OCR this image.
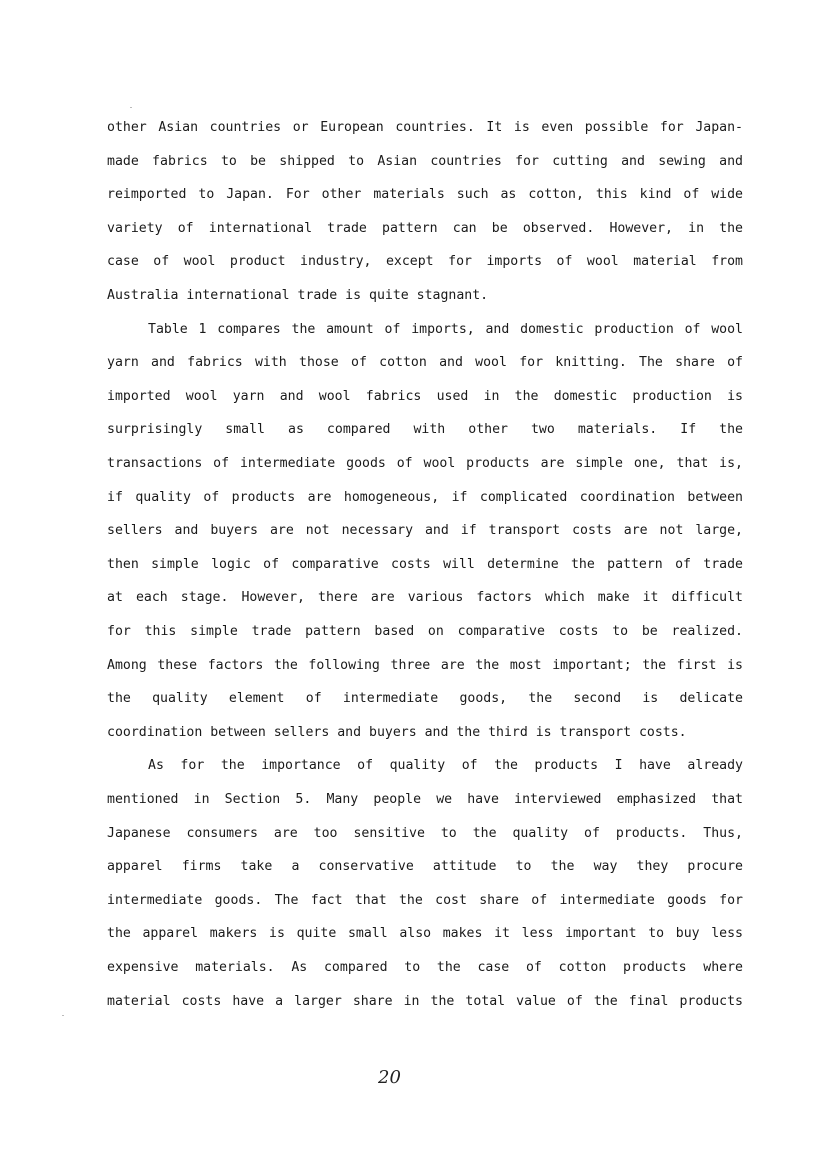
other Asian countries or European countries. It is even possible for Japan-
made fabrics to be shipped to Asian countries for cutting and sewing and
reimported to Japan. For other materials such as cotton, this kind of wide
variety of international trade pattern can be observed. However, in the
case of wool product industry, except for imports of wool material from
Australia international trade is quite stagnant.
Table 1 compares the amount of imports, and domestic production of wool
yarn and fabrics with those of cotton and wool for knitting. The share of
imported wool yarn and wool fabrics used in the domestic production is
surprisingly small as compared with other two materials. If the
transactions of intermediate goods of wool products are simple one, that is,
if quality of products are homogeneous, if complicated coordination between
sellers and buyers are not necessary and if transport costs are not large,
then simple logic of comparative costs will determine the pattern of trade
at each stage. However, there are various factors which make it difficult
for this simple trade pattern based on comparative costs to be realized.
Among these factors the following three are the most important; the first is
the quality element of intermediate goods, the second is delicate
coordination between sellers and buyers and the third is transport costs.
As for the importance of quality of the products I have already
mentioned in Section 5. Many people we have interviewed emphasized that
Japanese consumers are too sensitive to the quality of products. Thus,
apparel firms take a conservative attitude to the way they procure
intermediate goods. The fact that the cost share of intermediate goods for
the apparel makers is quite small also makes it less important to buy less
expensive materials. As compared to the case of cotton products where
material costs have a larger share in the total value of the final products
20
